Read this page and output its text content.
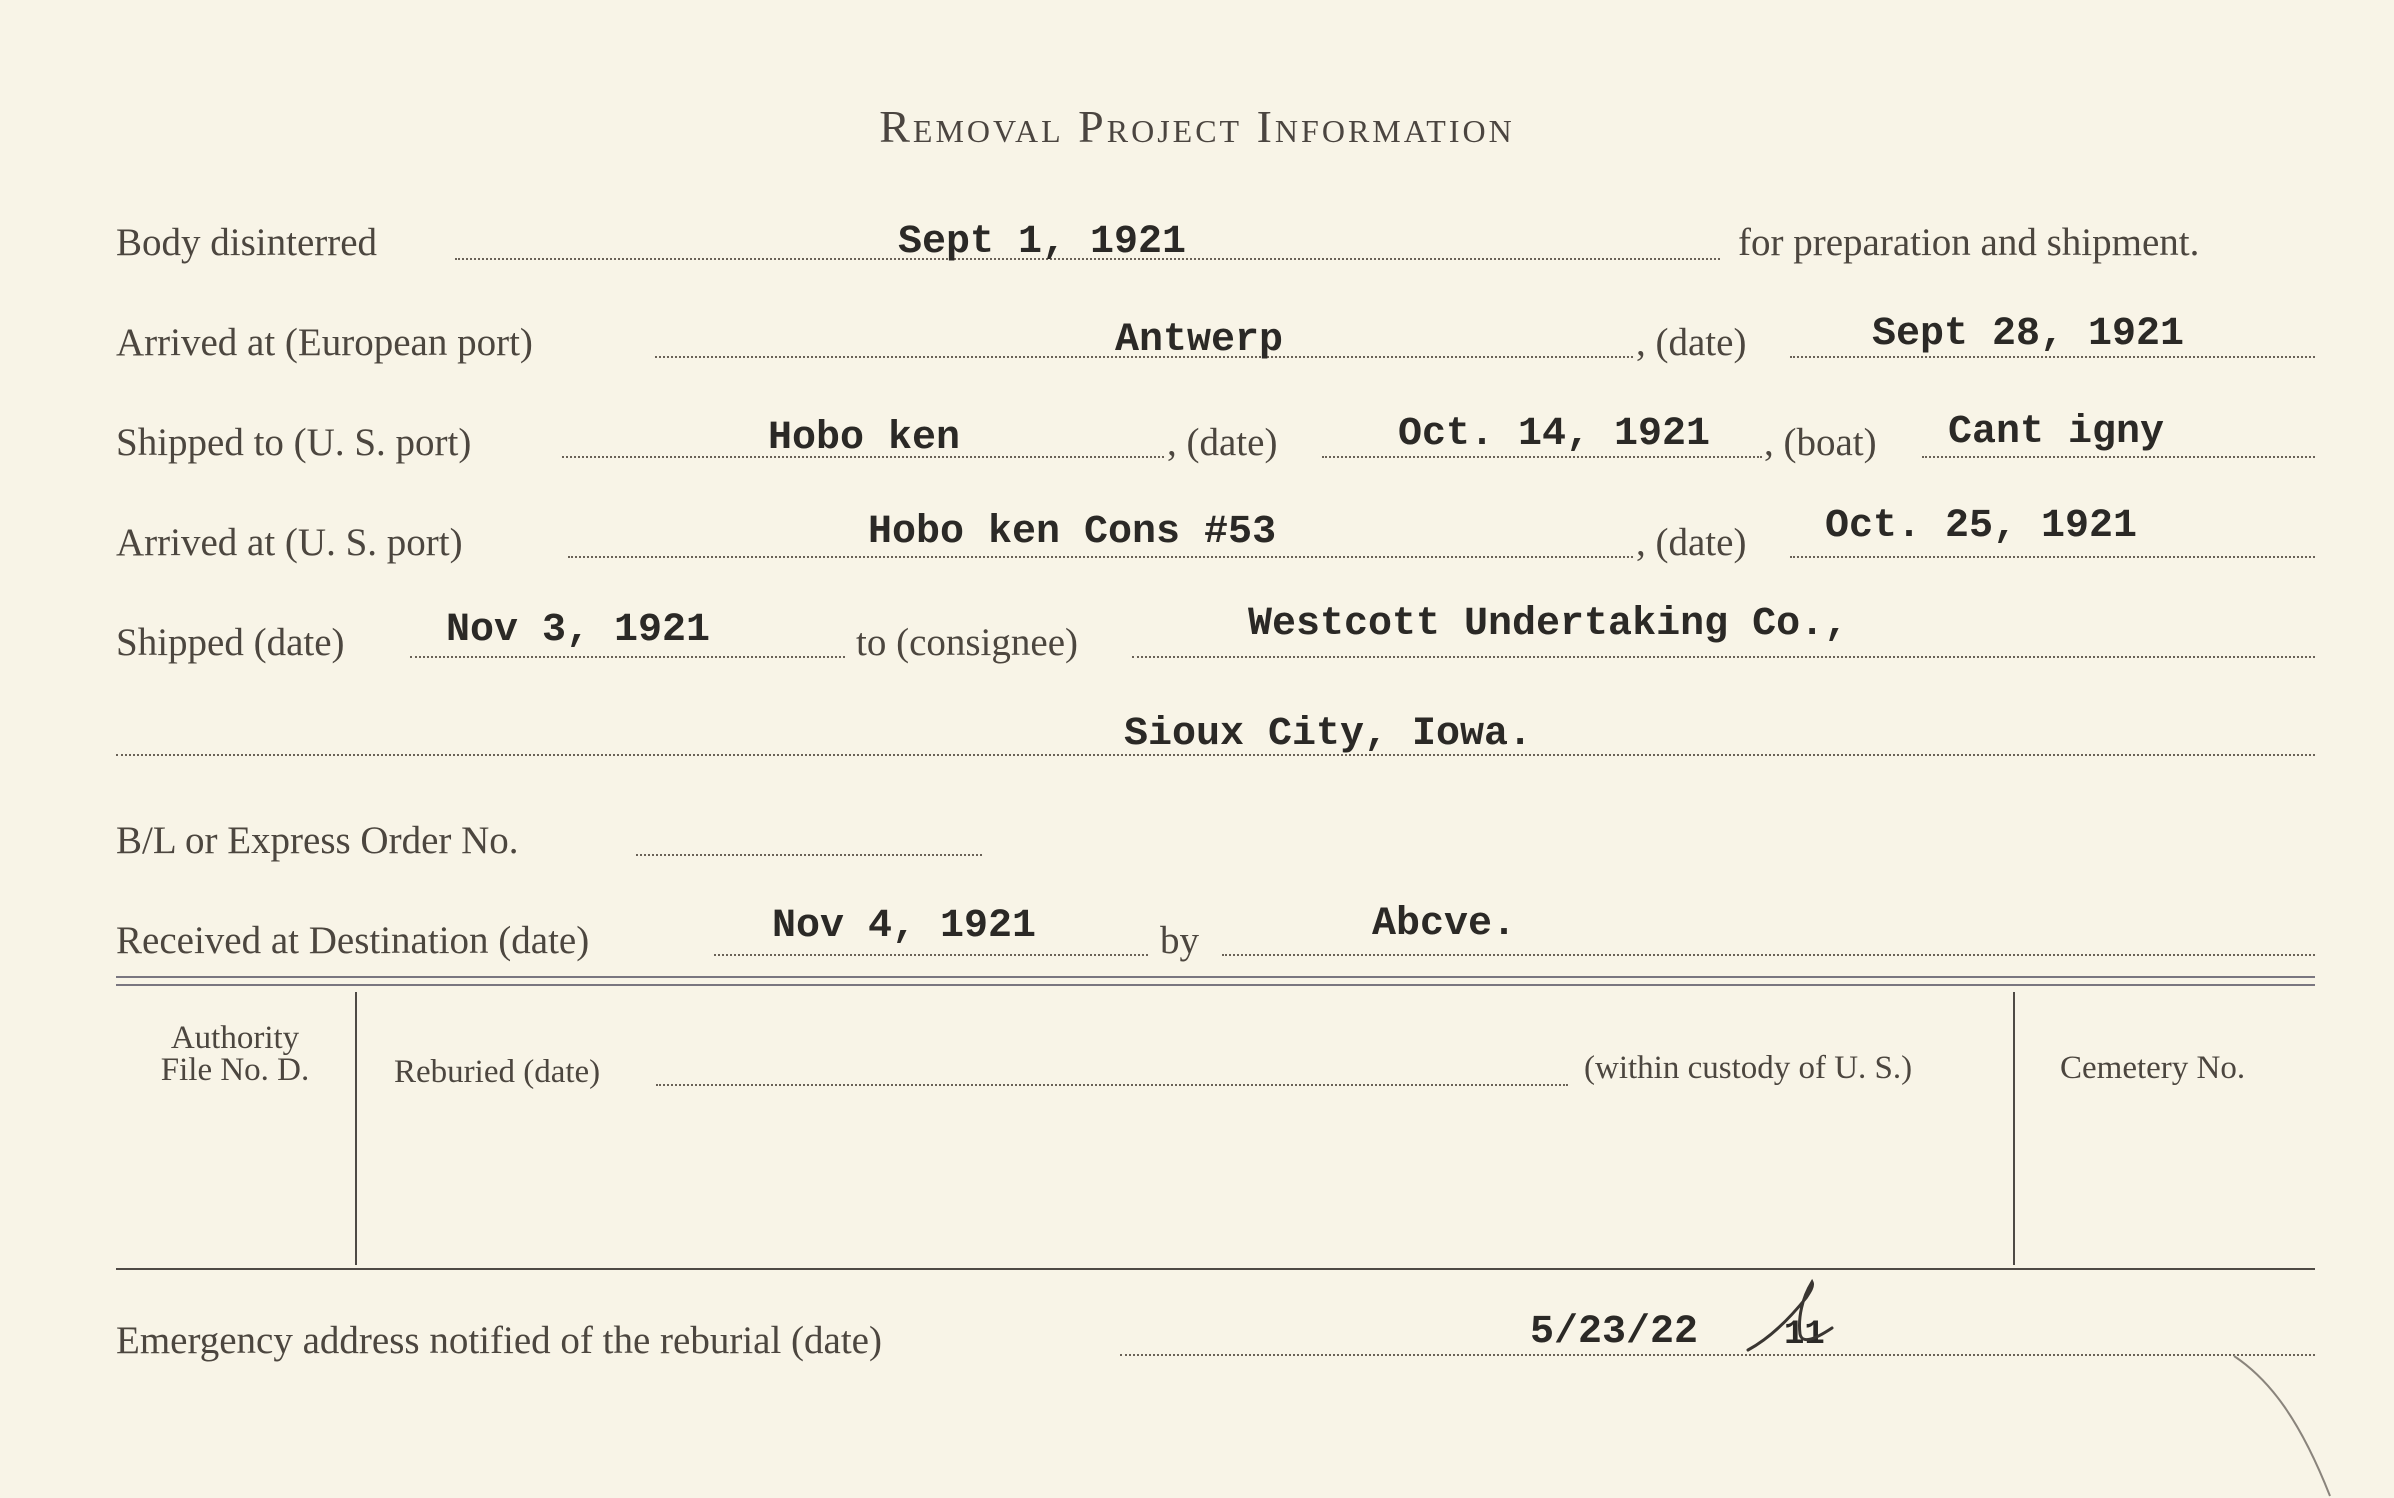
Removal Project Information
Body disinterred	Sept 1, 1921	for preparation and shipment.
Arrived at (European port)	Antwerp	, (date)	Sept 28, 1921
Shipped to (U. S. port)	Hobo ken	, (date)	Oct. 14, 1921 , (boat) Cant igny
Arrived at (U. S. port)	Hobo ken Cons #53	, (date) Oct. 25, 1921
Shipped (date)	Nov 3, 1921	to (consignee)	Westcott Undertaking Co.,
Sioux City, Iowa.
B/L or Express Order No.
Received at Destination (date)	Nov 4, 1921	by	Abcve.
Authority
File No. D.	Reburied (date)	(within custody of U. S.)	Cemetery No.
Emergency address notified of the reburial (date)	5/23/22	11
